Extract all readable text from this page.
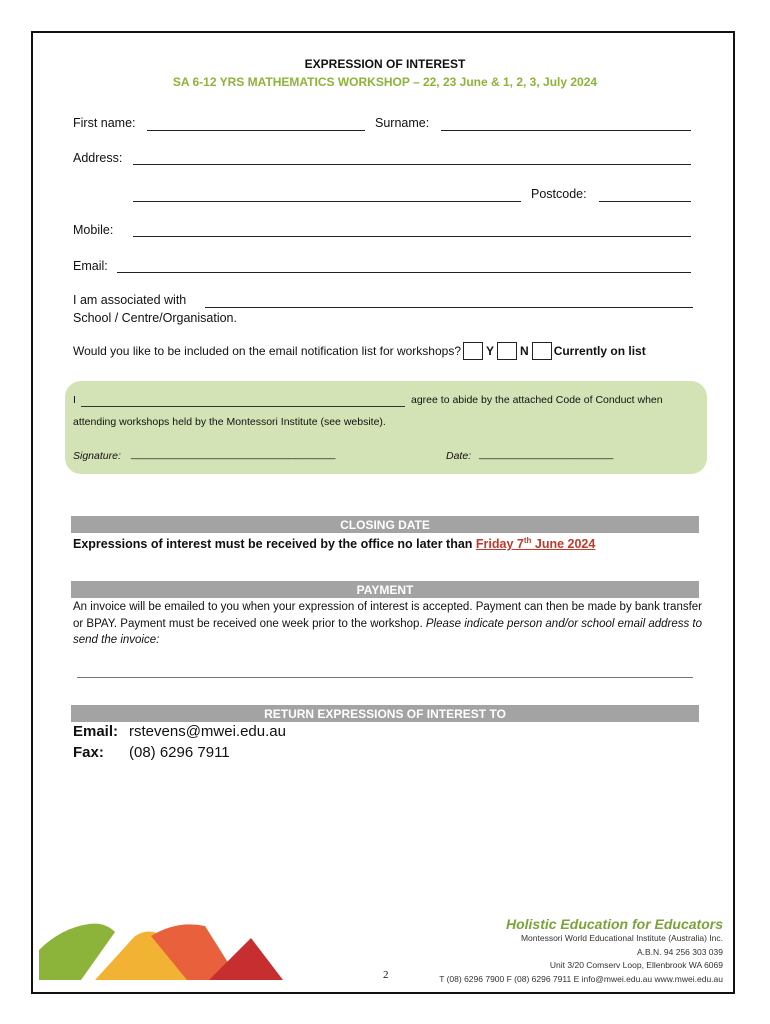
EXPRESSION OF INTEREST
SA 6-12 YRS MATHEMATICS WORKSHOP – 22, 23 June & 1, 2, 3, July 2024
First name:	Surname:
Address:
Postcode:
Mobile:
Email:
I am associated with
School / Centre/Organisation.
Would you like to be included on the email notification list for workshops? Y N Currently on list
I	agree to abide by the attached Code of Conduct when
attending workshops held by the Montessori Institute (see website).
Signature: ___________________________________	Date: _______________________
CLOSING DATE
Expressions of interest must be received by the office no later than Friday 7th June 2024
PAYMENT
An invoice will be emailed to you when your expression of interest is accepted. Payment can then be made by bank transfer or BPAY. Payment must be received one week prior to the workshop. Please indicate person and/or school email address to send the invoice:
RETURN EXPRESSIONS OF INTEREST TO
Email: rstevens@mwei.edu.au
Fax: (08) 6296 7911
2
Holistic Education for Educators
Montessori World Educational Institute (Australia) Inc.
A.B.N. 94 256 303 039
Unit 3/20 Comserv Loop, Ellenbrook WA 6069
T (08) 6296 7900 F (08) 6296 7911 E info@mwei.edu.au www.mwei.edu.au
